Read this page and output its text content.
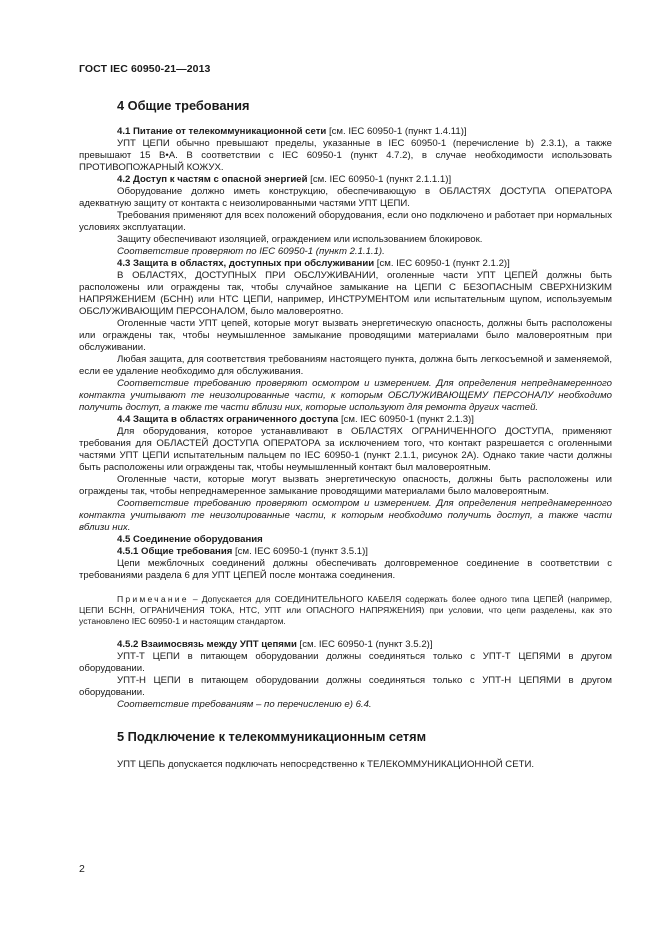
ГОСТ IEC 60950-21—2013
4 Общие требования

4.1 Питание от телекоммуникационной сети [см. IEC 60950-1 (пункт 1.4.11)]

УПТ ЦЕПИ обычно превышают пределы, указанные в IEC 60950-1 (перечисление b) 2.3.1), а также превышают 15 В•А. В соответствии с IEC 60950-1 (пункт 4.7.2), в случае необходимости использовать ПРОТИВОПОЖАРНЫЙ КОЖУХ.

4.2 Доступ к частям с опасной энергией [см. IEC 60950-1 (пункт 2.1.1.1)]

Оборудование должно иметь конструкцию, обеспечивающую в ОБЛАСТЯХ ДОСТУПА ОПЕРАТОРА адекватную защиту от контакта с неизолированными частями УПТ ЦЕПИ.

Требования применяют для всех положений оборудования, если оно подключено и работает при нормальных условиях эксплуатации.

Защиту обеспечивают изоляцией, ограждением или использованием блокировок.

Соответствие проверяют по IEC 60950-1 (пункт 2.1.1.1).

4.3 Защита в областях, доступных при обслуживании [см. IEC 60950-1 (пункт 2.1.2)]

В ОБЛАСТЯХ, ДОСТУПНЫХ ПРИ ОБСЛУЖИВАНИИ, оголенные части УПТ ЦЕПЕЙ должны быть расположены или ограждены так, чтобы случайное замыкание на ЦЕПИ С БЕЗОПАСНЫМ СВЕРХНИЗКИМ НАПРЯЖЕНИЕМ (БСНН) или НТС ЦЕПИ, например, ИНСТРУМЕНТОМ или испытательным щупом, используемым ОБСЛУЖИВАЮЩИМ ПЕРСОНАЛОМ, было маловероятно.

Оголенные части УПТ цепей, которые могут вызвать энергетическую опасность, должны быть расположены или ограждены так, чтобы неумышленное замыкание проводящими материалами было маловероятным при обслуживании.

Любая защита, для соответствия требованиям настоящего пункта, должна быть легкосъемной и заменяемой, если ее удаление необходимо для обслуживания.

Соответствие требованию проверяют осмотром и измерением. Для определения непреднамеренного контакта учитывают те неизолированные части, к которым ОБСЛУЖИВАЮЩЕМУ ПЕРСОНАЛУ необходимо получить доступ, а также те части вблизи них, которые используют для ремонта других частей.

4.4 Защита в областях ограниченного доступа [см. IEC 60950-1 (пункт 2.1.3)]

Для оборудования, которое устанавливают в ОБЛАСТЯХ ОГРАНИЧЕННОГО ДОСТУПА, применяют требования для ОБЛАСТЕЙ ДОСТУПА ОПЕРАТОРА за исключением того, что контакт разрешается с оголенными частями УПТ ЦЕПИ испытательным пальцем по IEC 60950-1 (пункт 2.1.1, рисунок 2A). Однако такие части должны быть расположены или ограждены так, чтобы неумышленный контакт был маловероятным.

Оголенные части, которые могут вызвать энергетическую опасность, должны быть расположены или ограждены так, чтобы непреднамеренное замыкание проводящими материалами было маловероятным.

Соответствие требованию проверяют осмотром и измерением. Для определения непреднамеренного контакта учитывают те неизолированные части, к которым необходимо получить доступ, а также части вблизи них.

4.5 Соединение оборудования

4.5.1 Общие требования [см. IEC 60950-1 (пункт 3.5.1)]

Цепи межблочных соединений должны обеспечивать долговременное соединение в соответствии с требованиями раздела 6 для УПТ ЦЕПЕЙ после монтажа соединения.

Примечание – Допускается для СОЕДИНИТЕЛЬНОГО КАБЕЛЯ содержать более одного типа ЦЕПЕЙ (например, ЦЕПИ БСНН, ОГРАНИЧЕНИЯ ТОКА, НТС, УПТ или ОПАСНОГО НАПРЯЖЕНИЯ) при условии, что цепи разделены, как это установлено IEC 60950-1 и настоящим стандартом.

4.5.2 Взаимосвязь между УПТ цепями [см. IEC 60950-1 (пункт 3.5.2)]

УПТ-Т ЦЕПИ в питающем оборудовании должны соединяться только с УПТ-Т ЦЕПЯМИ в другом оборудовании.

УПТ-Н ЦЕПИ в питающем оборудовании должны соединяться только с УПТ-Н ЦЕПЯМИ в другом оборудовании.

Соответствие требованиям – по перечислению е) 6.4.

5 Подключение к телекоммуникационным сетям

УПТ ЦЕПЬ допускается подключать непосредственно к ТЕЛЕКОММУНИКАЦИОННОЙ СЕТИ.

2
